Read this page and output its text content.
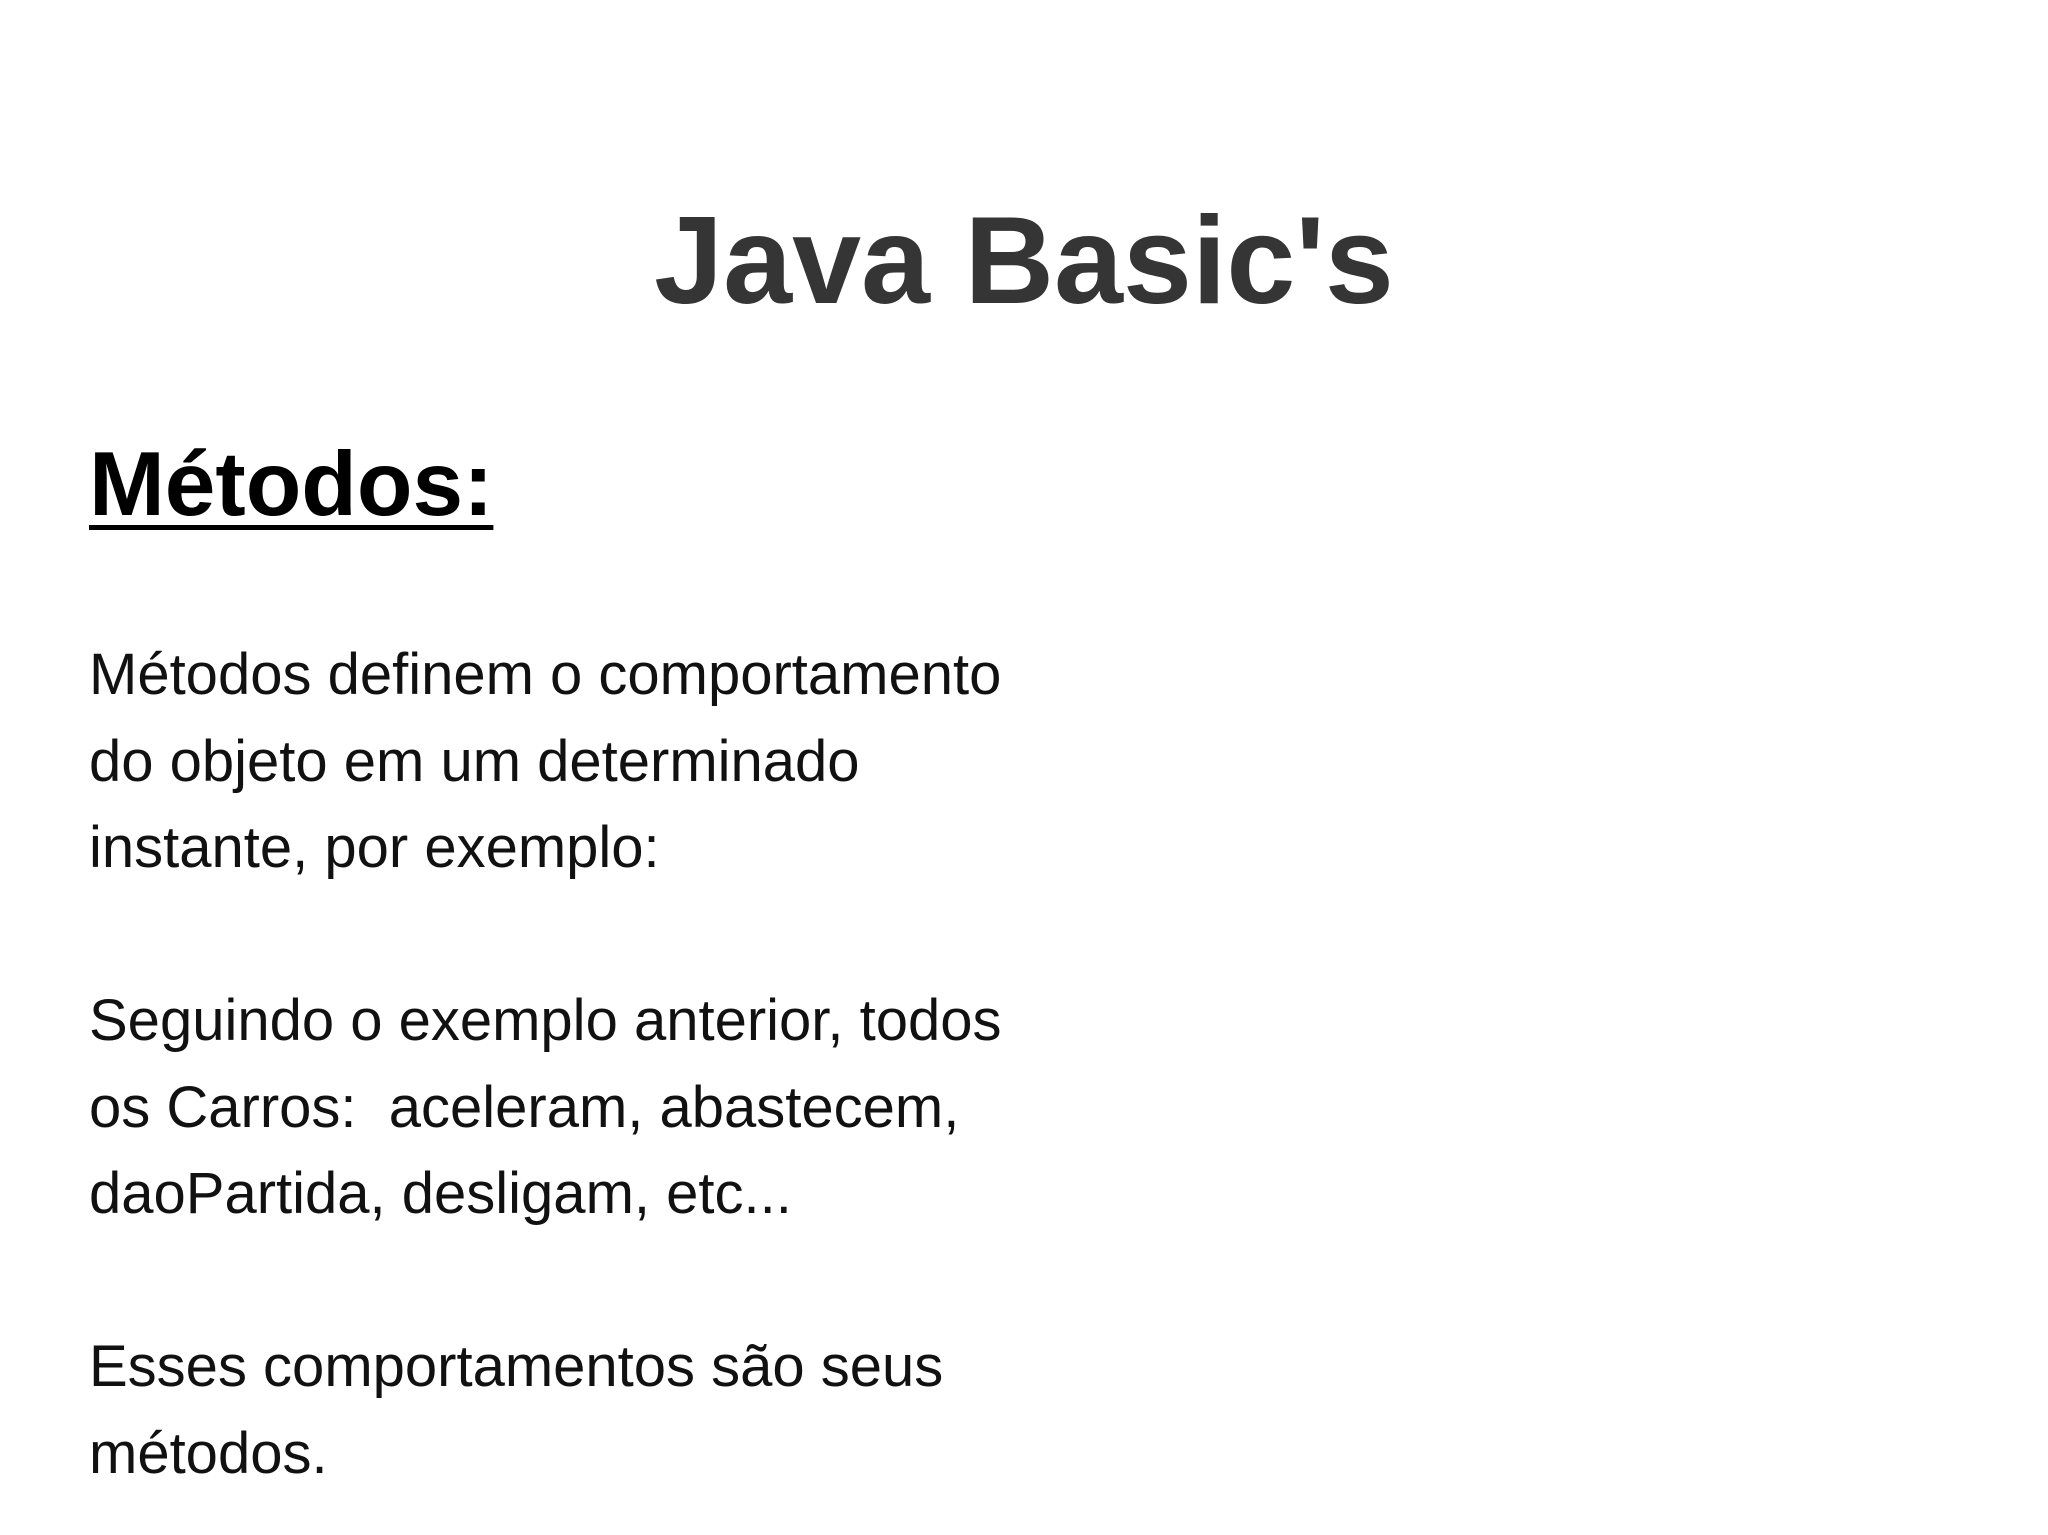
Java Basic's
Métodos:

Métodos definem o comportamento
do objeto em um determinado
instante, por exemplo:

Seguindo o exemplo anterior, todos
os Carros:  aceleram, abastecem,
daoPartida, desligam, etc...

Esses comportamentos são seus
métodos.
